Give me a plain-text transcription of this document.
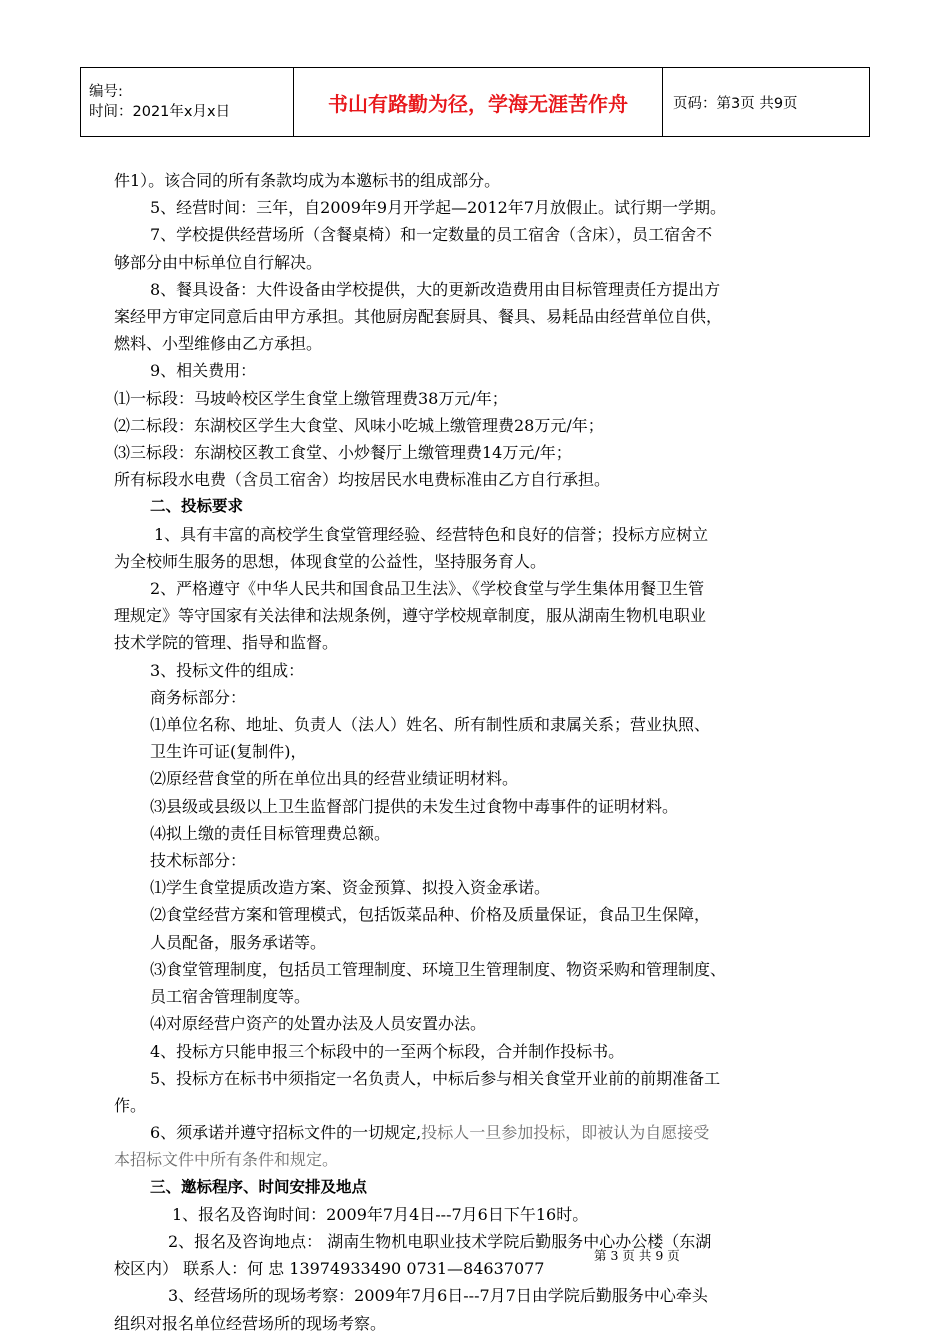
编号:
时间：2021年x月x日	书山有路勤为径，学海无涯苦作舟	页码：第3页 共9页

件1）。该合同的所有条款均成为本邀标书的组成部分。

5、经营时间：三年，自2009年9月开学起—2012年7月放假止。试行期一学期。

7、学校提供经营场所（含餐桌椅）和一定数量的员工宿舍（含床），员工宿舍不

够部分由中标单位自行解决。

8、餐具设备：大件设备由学校提供，大的更新改造费用由目标管理责任方提出方

案经甲方审定同意后由甲方承担。其他厨房配套厨具、餐具、易耗品由经营单位自供，

燃料、小型维修由乙方承担。

9、相关费用：

⑴一标段：马坡岭校区学生食堂上缴管理费38万元/年；

⑵二标段：东湖校区学生大食堂、风味小吃城上缴管理费28万元/年；

⑶三标段：东湖校区教工食堂、小炒餐厅上缴管理费14万元/年；

所有标段水电费（含员工宿舍）均按居民水电费标准由乙方自行承担。

二、投标要求

1、具有丰富的高校学生食堂管理经验、经营特色和良好的信誉；投标方应树立

为全校师生服务的思想，体现食堂的公益性，坚持服务育人。

2、严格遵守《中华人民共和国食品卫生法》、《学校食堂与学生集体用餐卫生管

理规定》等守国家有关法律和法规条例，遵守学校规章制度，服从湖南生物机电职业

技术学院的管理、指导和监督。

3、投标文件的组成：

商务标部分：

⑴单位名称、地址、负责人（法人）姓名、所有制性质和隶属关系；营业执照、

卫生许可证(复制件)，

⑵原经营食堂的所在单位出具的经营业绩证明材料。

⑶县级或县级以上卫生监督部门提供的未发生过食物中毒事件的证明材料。

⑷拟上缴的责任目标管理费总额。

技术标部分：

⑴学生食堂提质改造方案、资金预算、拟投入资金承诺。

⑵食堂经营方案和管理模式，包括饭菜品种、价格及质量保证，食品卫生保障，

人员配备，服务承诺等。

⑶食堂管理制度，包括员工管理制度、环境卫生管理制度、物资采购和管理制度、

员工宿舍管理制度等。

⑷对原经营户资产的处置办法及人员安置办法。

4、投标方只能申报三个标段中的一至两个标段，合并制作投标书。

5、投标方在标书中须指定一名负责人，中标后参与相关食堂开业前的前期准备工

作。

6、须承诺并遵守招标文件的一切规定,投标人一旦参加投标，即被认为自愿接受

本招标文件中所有条件和规定。

三、邀标程序、时间安排及地点

1、报名及咨询时间：2009年7月4日---7月6日下午16时。

2、报名及咨询地点： 湖南生物机电职业技术学院后勤服务中心办公楼（东湖

校区内） 联系人：何 忠 13974933490 0731—84637077

3、经营场所的现场考察：2009年7月6日---7月7日由学院后勤服务中心牵头

组织对报名单位经营场所的现场考察。

第 3 页 共 9 页
